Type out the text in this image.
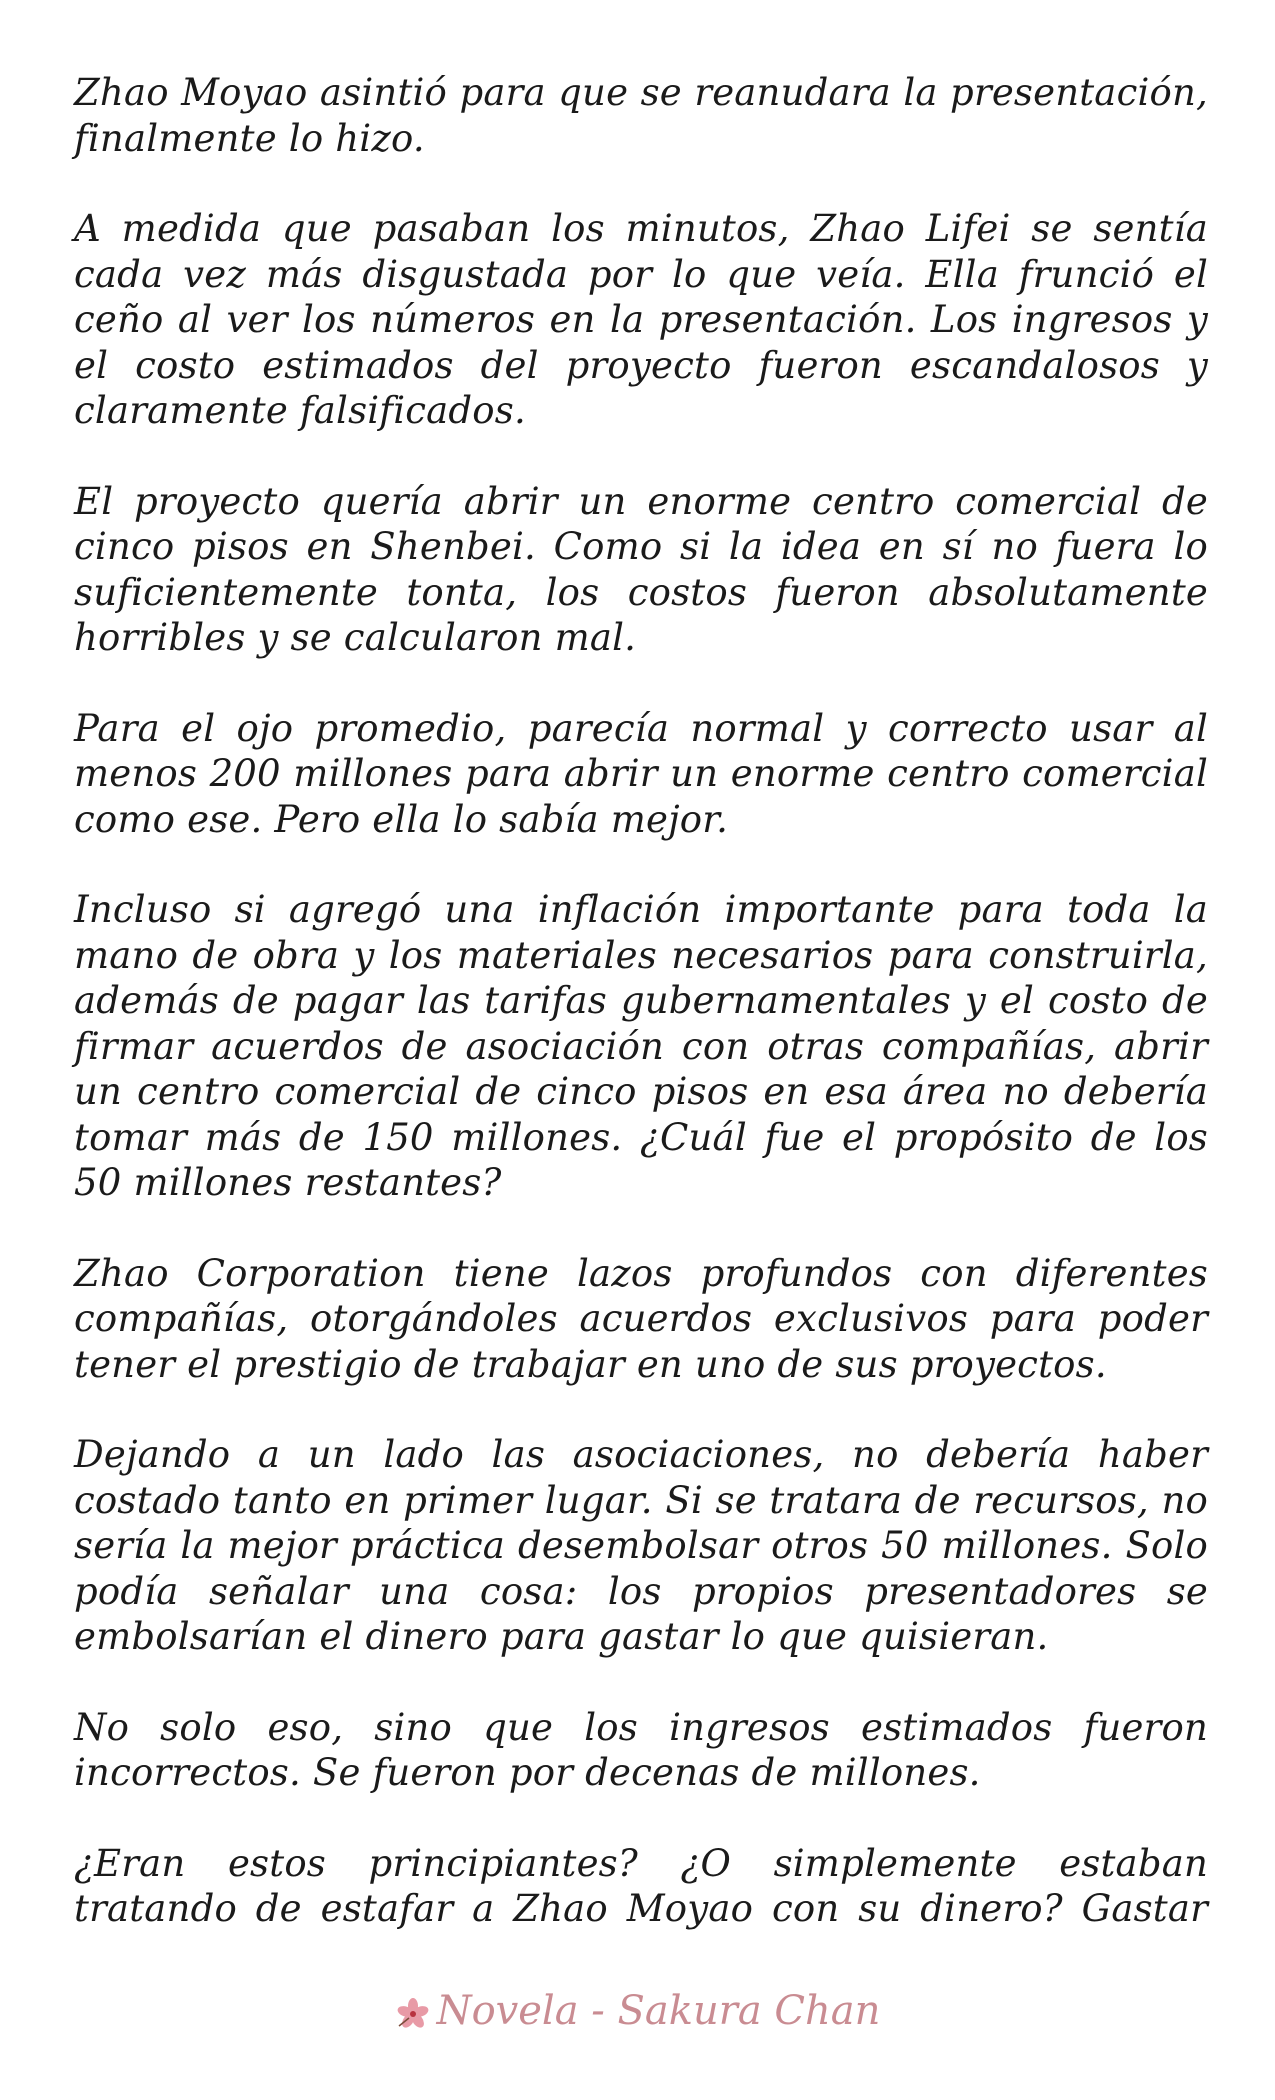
Zhao Moyao asintió para que se reanudara la presentación, finalmente lo hizo.

A medida que pasaban los minutos, Zhao Lifei se sentía cada vez más disgustada por lo que veía. Ella frunció el ceño al ver los números en la presentación. Los ingresos y el costo estimados del proyecto fueron escandalosos y claramente falsificados.

El proyecto quería abrir un enorme centro comercial de cinco pisos en Shenbei. Como si la idea en sí no fuera lo suficientemente tonta, los costos fueron absolutamente horribles y se calcularon mal.

Para el ojo promedio, parecía normal y correcto usar al menos 200 millones para abrir un enorme centro comercial como ese. Pero ella lo sabía mejor.

Incluso si agregó una inflación importante para toda la mano de obra y los materiales necesarios para construirla, además de pagar las tarifas gubernamentales y el costo de firmar acuerdos de asociación con otras compañías, abrir un centro comercial de cinco pisos en esa área no debería tomar más de 150 millones. ¿Cuál fue el propósito de los 50 millones restantes?

Zhao Corporation tiene lazos profundos con diferentes compañías, otorgándoles acuerdos exclusivos para poder tener el prestigio de trabajar en uno de sus proyectos.

Dejando a un lado las asociaciones, no debería haber costado tanto en primer lugar. Si se tratara de recursos, no sería la mejor práctica desembolsar otros 50 millones. Solo podía señalar una cosa: los propios presentadores se embolsarían el dinero para gastar lo que quisieran.

No solo eso, sino que los ingresos estimados fueron incorrectos. Se fueron por decenas de millones.

¿Eran estos principiantes? ¿O simplemente estaban tratando de estafar a Zhao Moyao con su dinero? Gastar

Novela - Sakura Chan
